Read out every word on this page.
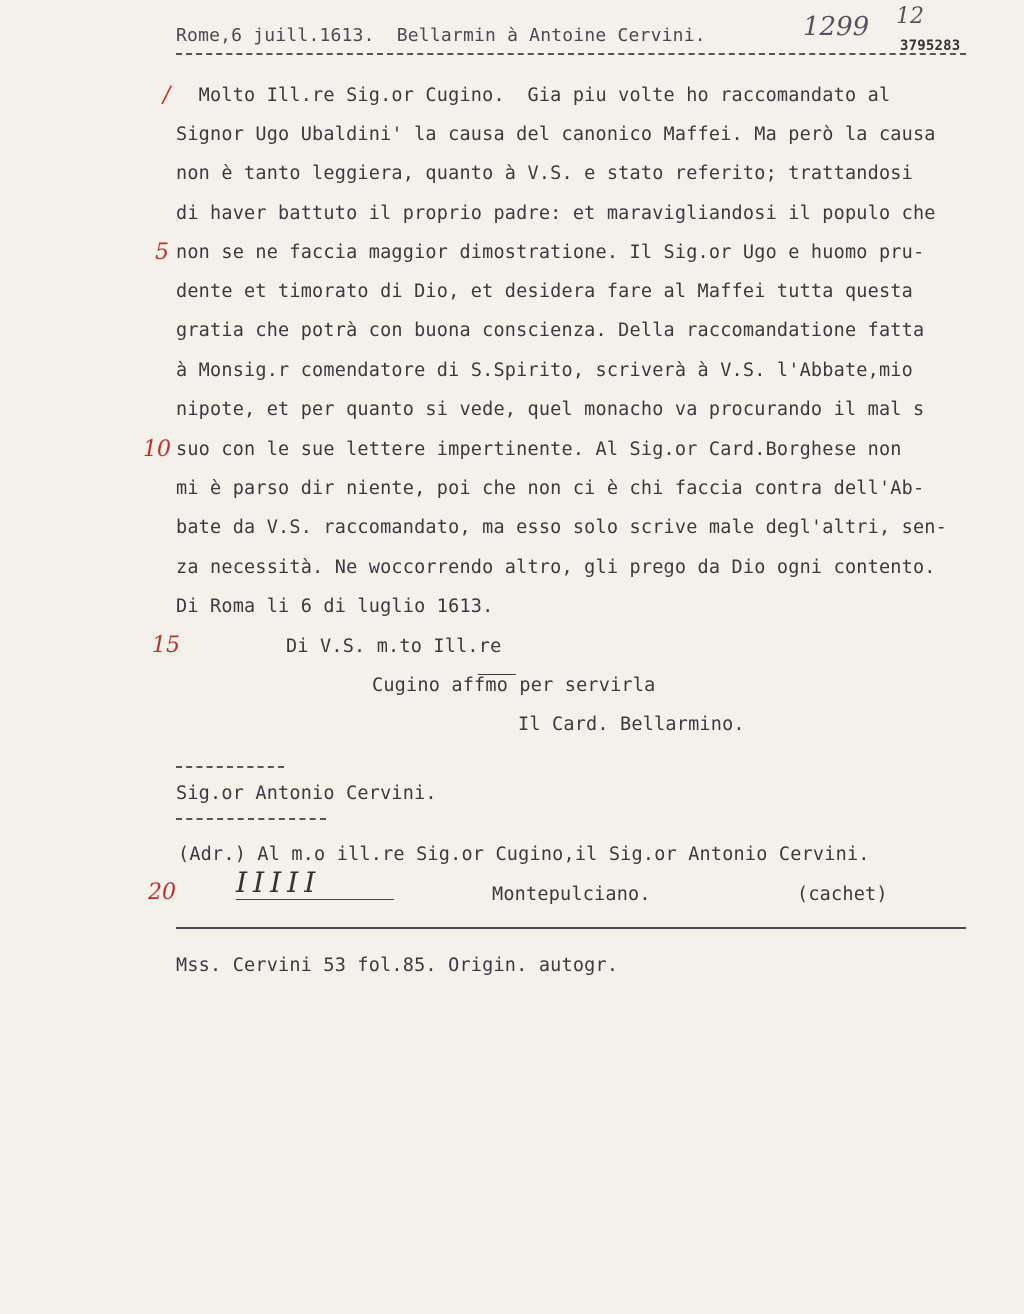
Rome,6 juill.1613.  Bellarmin à Antoine Cervini.	1299 12
3795283
/
5
10
15
20
Molto Ill.re Sig.or Cugino.  Gia piu volte ho raccomandato al
Signor Ugo Ubaldini' la causa del canonico Maffei. Ma però la causa
non è tanto leggiera, quanto à V.S. e stato referito; trattandosi
di haver battuto il proprio padre: et maravigliandosi il populo che
non se ne faccia maggior dimostratione. Il Sig.or Ugo e huomo pru-
dente et timorato di Dio, et desidera fare al Maffei tutta questa
gratia che potrà con buona conscienza. Della raccomandatione fatta
à Monsig.r comendatore di S.Spirito, scriverà à V.S. l'Abbate,mio
nipote, et per quanto si vede, quel monacho va procurando il mal s
suo con le sue lettere impertinente. Al Sig.or Card.Borghese non
mi è parso dir niente, poi che non ci è chi faccia contra dell'Ab-
bate da V.S. raccomandato, ma esso solo scrive male degl'altri, sen-
za necessità. Ne woccorrendo altro, gli prego da Dio ogni contento.
Di Roma li 6 di luglio 1613.
Di V.S. m.to Ill.re
Cugino affmo per servirla
Il Card. Bellarmino.
Sig.or Antonio Cervini.
(Adr.) Al m.o ill.re Sig.or Cugino,il Sig.or Antonio Cervini.
IIIII	Montepulciano.	(cachet)
Mss. Cervini 53 fol.85. Origin. autogr.
